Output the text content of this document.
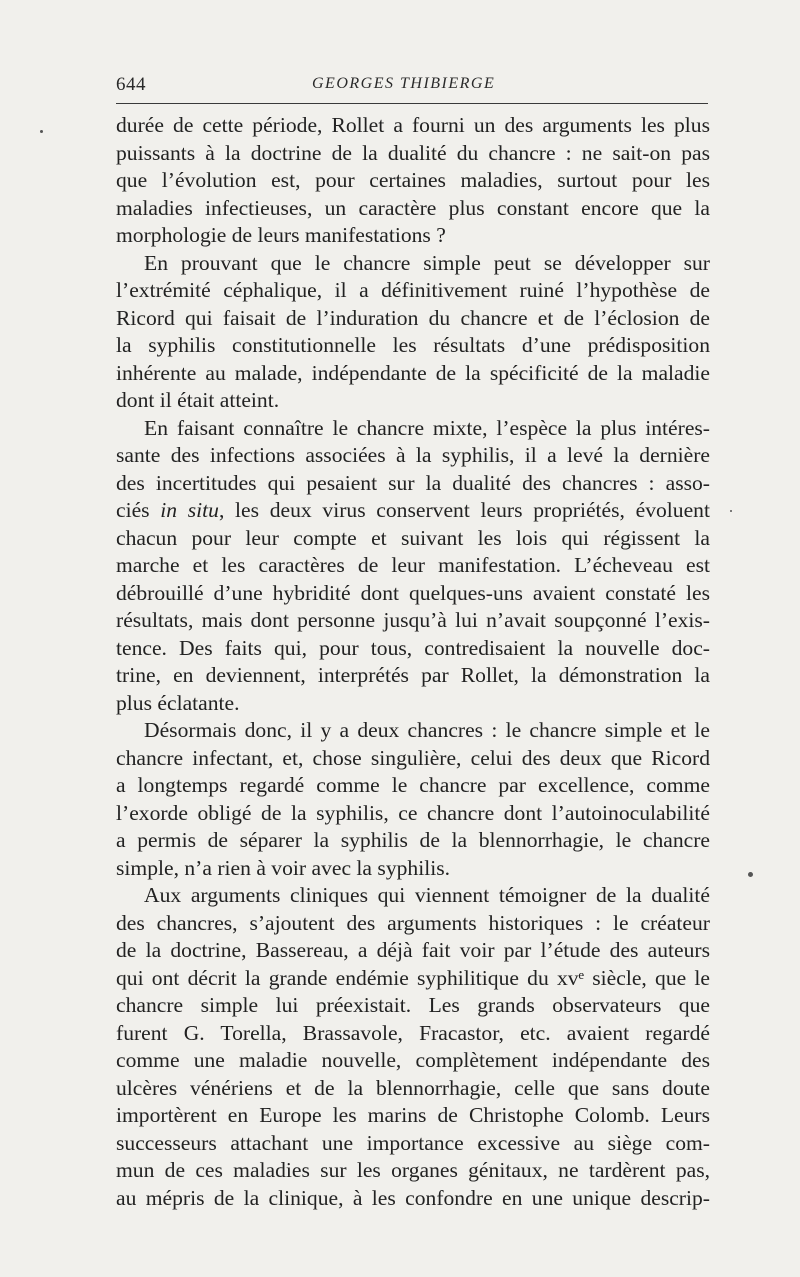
644	GEORGES THIBIERGE
durée de cette période, Rollet a fourni un des arguments les plus
puissants à la doctrine de la dualité du chancre : ne sait-on pas
que l’évolution est, pour certaines maladies, surtout pour les
maladies infectieuses, un caractère plus constant encore que la
morphologie de leurs manifestations ?
En prouvant que le chancre simple peut se développer sur
l’extrémité céphalique, il a définitivement ruiné l’hypothèse de
Ricord qui faisait de l’induration du chancre et de l’éclosion de
la syphilis constitutionnelle les résultats d’une prédisposition
inhérente au malade, indépendante de la spécificité de la maladie
dont il était atteint.
En faisant connaître le chancre mixte, l’espèce la plus intéres-
sante des infections associées à la syphilis, il a levé la dernière
des incertitudes qui pesaient sur la dualité des chancres : asso-
ciés in situ, les deux virus conservent leurs propriétés, évoluent
chacun pour leur compte et suivant les lois qui régissent la
marche et les caractères de leur manifestation. L’écheveau est
débrouillé d’une hybridité dont quelques-uns avaient constaté les
résultats, mais dont personne jusqu’à lui n’avait soupçonné l’exis-
tence. Des faits qui, pour tous, contredisaient la nouvelle doc-
trine, en deviennent, interprétés par Rollet, la démonstration la
plus éclatante.
Désormais donc, il y a deux chancres : le chancre simple et le
chancre infectant, et, chose singulière, celui des deux que Ricord
a longtemps regardé comme le chancre par excellence, comme
l’exorde obligé de la syphilis, ce chancre dont l’autoinoculabilité
a permis de séparer la syphilis de la blennorrhagie, le chancre
simple, n’a rien à voir avec la syphilis.
Aux arguments cliniques qui viennent témoigner de la dualité
des chancres, s’ajoutent des arguments historiques : le créateur
de la doctrine, Bassereau, a déjà fait voir par l’étude des auteurs
qui ont décrit la grande endémie syphilitique du xvᵉ siècle, que le
chancre simple lui préexistait. Les grands observateurs que
furent G. Torella, Brassavole, Fracastor, etc. avaient regardé
comme une maladie nouvelle, complètement indépendante des
ulcères vénériens et de la blennorrhagie, celle que sans doute
importèrent en Europe les marins de Christophe Colomb. Leurs
successeurs attachant une importance excessive au siège com-
mun de ces maladies sur les organes génitaux, ne tardèrent pas,
au mépris de la clinique, à les confondre en une unique descrip-
